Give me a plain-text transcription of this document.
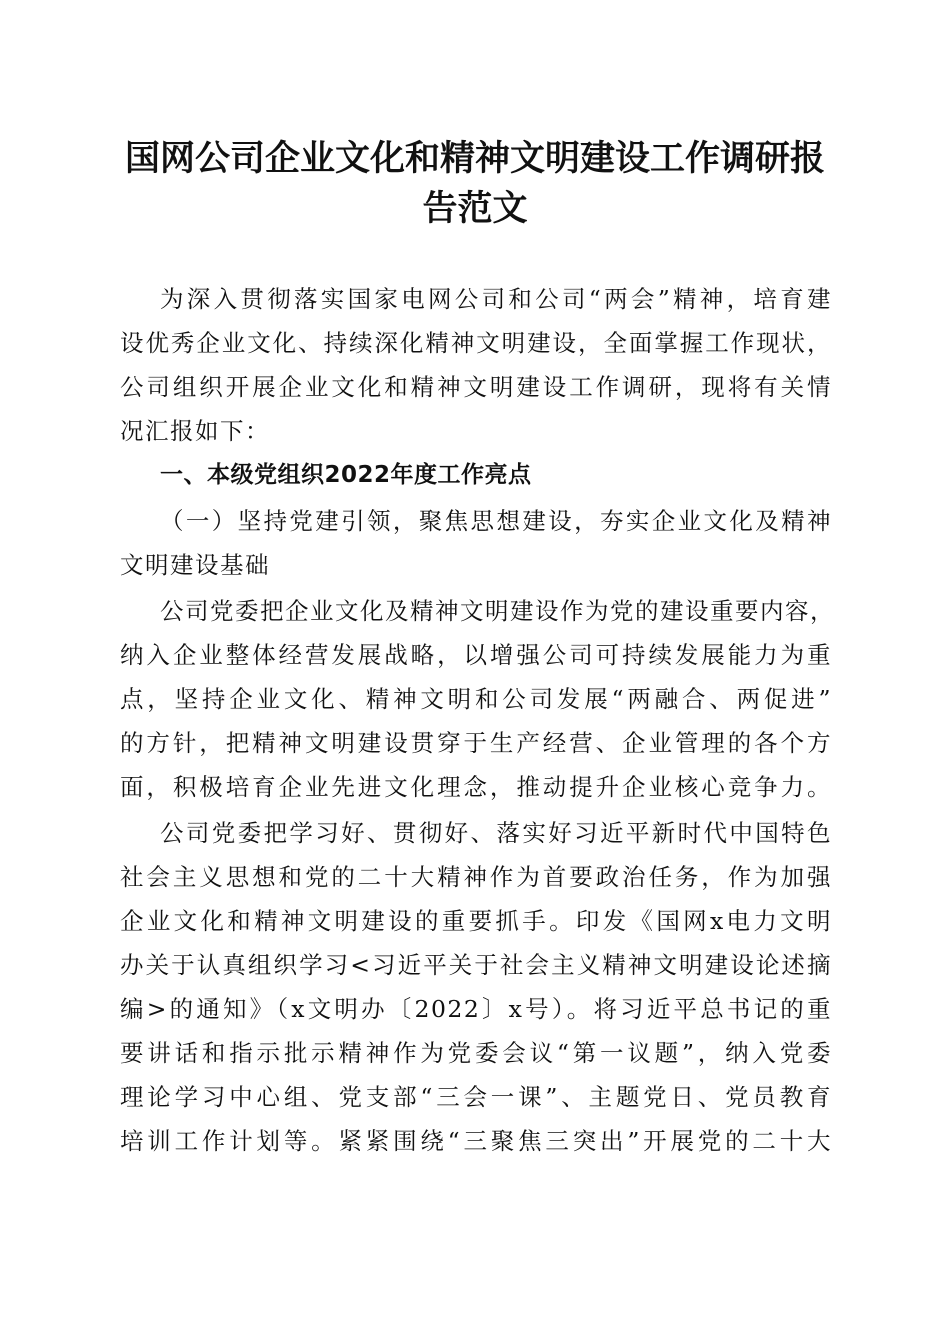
国网公司企业文化和精神文明建设工作调研报
告范文

为深入贯彻落实国家电网公司和公司“两会”精神，培育建

设优秀企业文化、持续深化精神文明建设，全面掌握工作现状，

公司组织开展企业文化和精神文明建设工作调研，现将有关情

况汇报如下：

一、本级党组织2022年度工作亮点

（一）坚持党建引领，聚焦思想建设，夯实企业文化及精神

文明建设基础

公司党委把企业文化及精神文明建设作为党的建设重要内容，

纳入企业整体经营发展战略，以增强公司可持续发展能力为重

点，坚持企业文化、精神文明和公司发展“两融合、两促进”

的方针，把精神文明建设贯穿于生产经营、企业管理的各个方

面，积极培育企业先进文化理念，推动提升企业核心竞争力。

公司党委把学习好、贯彻好、落实好习近平新时代中国特色

社会主义思想和党的二十大精神作为首要政治任务，作为加强

企业文化和精神文明建设的重要抓手。印发《国网x电力文明

办关于认真组织学习<习近平关于社会主义精神文明建设论述摘

编>的通知》（x文明办〔2022〕x号）。将习近平总书记的重

要讲话和指示批示精神作为党委会议“第一议题”，纳入党委

理论学习中心组、党支部“三会一课”、主题党日、党员教育

培训工作计划等。紧紧围绕“三聚焦三突出”开展党的二十大
